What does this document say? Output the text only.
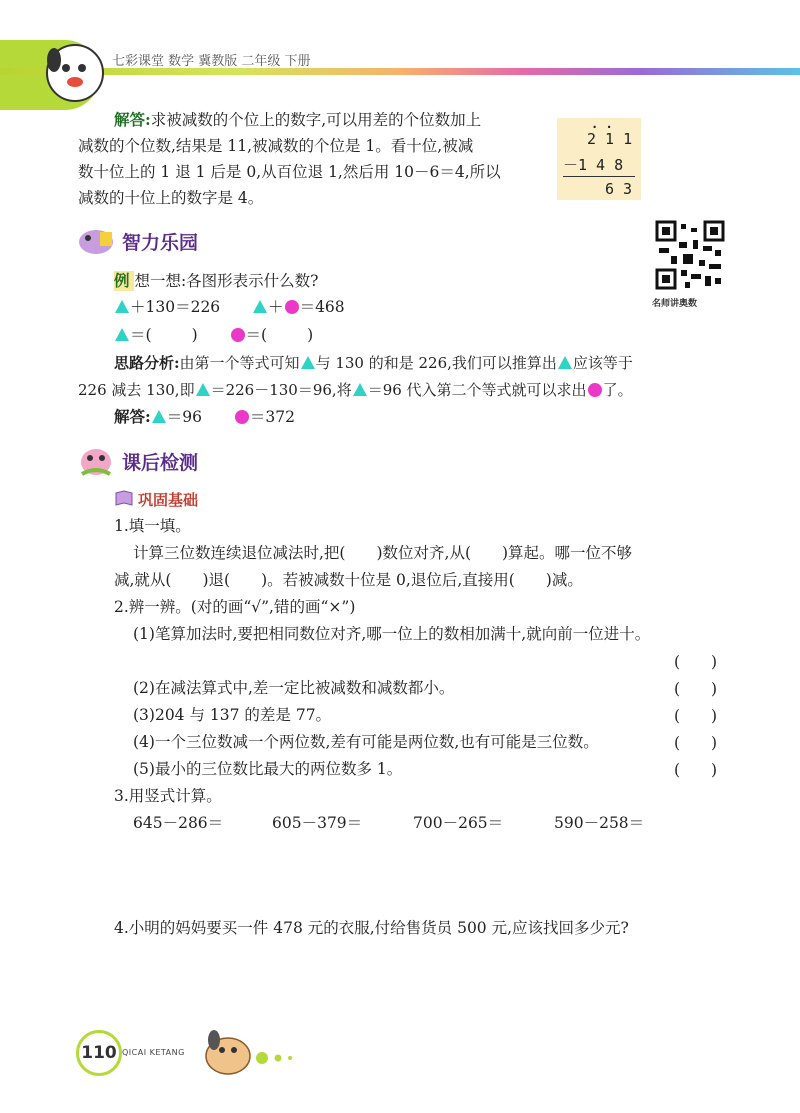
七彩课堂 数学 冀教版 二年级 下册
解答:求被减数的个位上的数字,可以用差的个位数加上
减数的个位数,结果是 11,被减数的个位是 1。看十位,被减
数十位上的 1 退 1 后是 0,从百位退 1,然后用 10－6＝4,所以
减数的十位上的数字是 4。
· ·
2 1 1
－1 4 8
6 3
智力乐园
名师讲奥数
例 想一想:各图形表示什么数?
＋130＝226	＋ ＝468
＝(	)	＝(	)
思路分析:由第一个等式可知 与 130 的和是 226,我们可以推算出 应该等于
226 减去 130,即 ＝226－130＝96,将 ＝96 代入第二个等式就可以求出 了。
解答: ＝96	＝372
课后检测
巩固基础
1.填一填。
计算三位数连续退位减法时,把(　　)数位对齐,从(　　)算起。哪一位不够
减,就从(　　)退(　　)。若被减数十位是 0,退位后,直接用(　　)减。
2.辨一辨。(对的画“√”,错的画“×”)
(1)笔算加法时,要把相同数位对齐,哪一位上的数相加满十,就向前一位进十。
(　　)
(2)在减法算式中,差一定比被减数和减数都小。	(　　)
(3)204 与 137 的差是 77。	(　　)
(4)一个三位数减一个两位数,差有可能是两位数,也有可能是三位数。	(　　)
(5)最小的三位数比最大的两位数多 1。	(　　)
3.用竖式计算。
645－286＝	605－379＝	700－265＝	590－258＝
4.小明的妈妈要买一件 478 元的衣服,付给售货员 500 元,应该找回多少元?
110 QICAI KETANG
